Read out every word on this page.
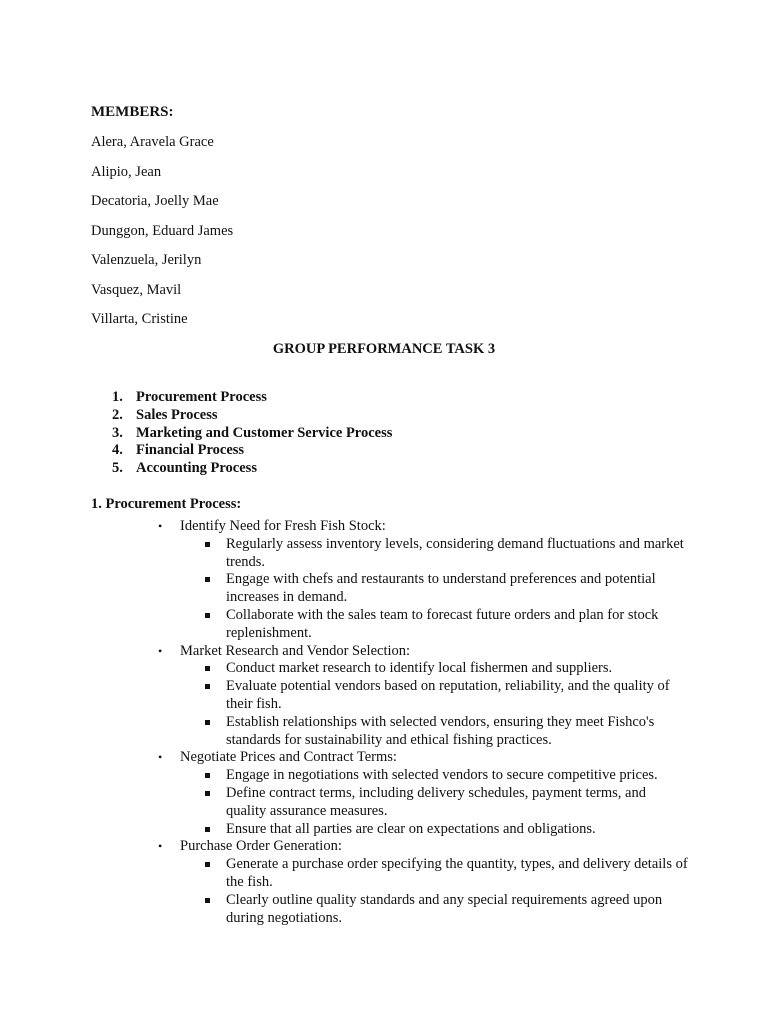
MEMBERS:
Alera, Aravela Grace
Alipio, Jean
Decatoria, Joelly Mae
Dunggon, Eduard James
Valenzuela, Jerilyn
Vasquez, Mavil
Villarta, Cristine
GROUP PERFORMANCE TASK 3
1. Procurement Process
2. Sales Process
3. Marketing and Customer Service Process
4. Financial Process
5. Accounting Process
1. Procurement Process:
•	Identify Need for Fresh Fish Stock:
Regularly assess inventory levels, considering demand fluctuations and market trends.
Engage with chefs and restaurants to understand preferences and potential increases in demand.
Collaborate with the sales team to forecast future orders and plan for stock replenishment.
•	Market Research and Vendor Selection:
Conduct market research to identify local fishermen and suppliers.
Evaluate potential vendors based on reputation, reliability, and the quality of their fish.
Establish relationships with selected vendors, ensuring they meet Fishco's standards for sustainability and ethical fishing practices.
•	Negotiate Prices and Contract Terms:
Engage in negotiations with selected vendors to secure competitive prices.
Define contract terms, including delivery schedules, payment terms, and quality assurance measures.
Ensure that all parties are clear on expectations and obligations.
•	Purchase Order Generation:
Generate a purchase order specifying the quantity, types, and delivery details of the fish.
Clearly outline quality standards and any special requirements agreed upon during negotiations.
